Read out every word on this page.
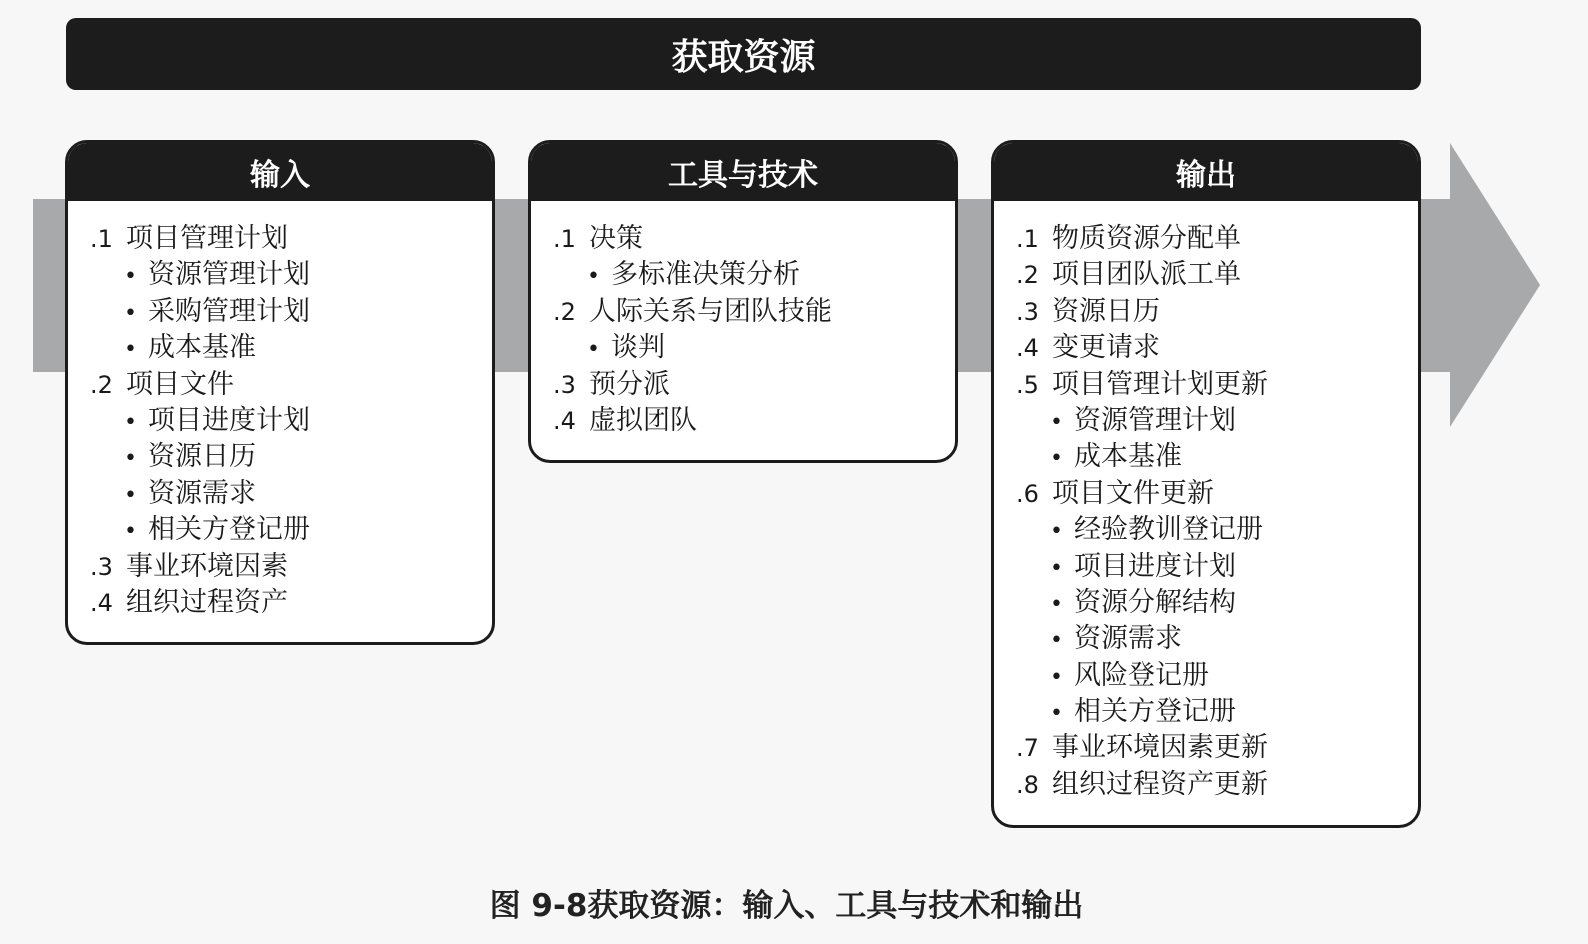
获取资源
输入
.1 项目管理计划
• 资源管理计划
• 采购管理计划
• 成本基准
.2 项目文件
• 项目进度计划
• 资源日历
• 资源需求
• 相关方登记册
.3 事业环境因素
.4 组织过程资产
工具与技术
.1 决策
• 多标准决策分析
.2 人际关系与团队技能
• 谈判
.3 预分派
.4 虚拟团队
输出
.1 物质资源分配单
.2 项目团队派工单
.3 资源日历
.4 变更请求
.5 项目管理计划更新
• 资源管理计划
• 成本基准
.6 项目文件更新
• 经验教训登记册
• 项目进度计划
• 资源分解结构
• 资源需求
• 风险登记册
• 相关方登记册
.7 事业环境因素更新
.8 组织过程资产更新
图 9-8获取资源：输入、工具与技术和输出
